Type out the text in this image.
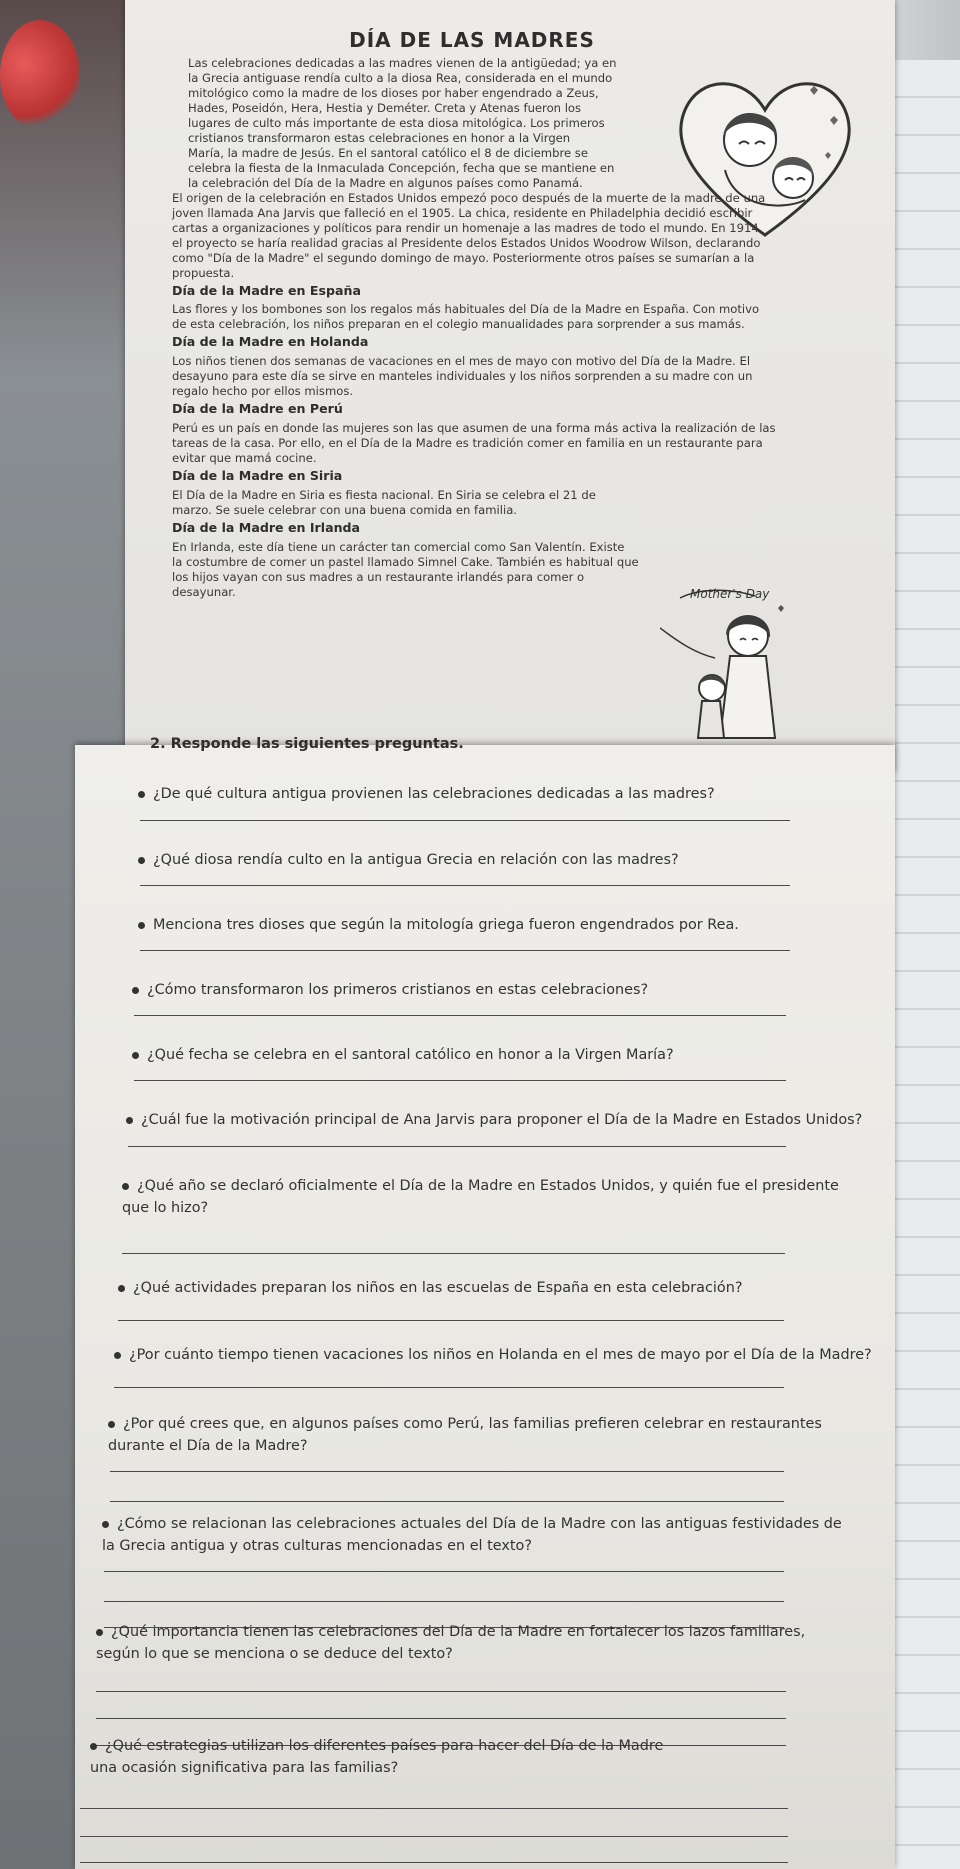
DÍA DE LAS MADRES

Las celebraciones dedicadas a las madres vienen de la antigüedad; ya en

la Grecia antiguase rendía culto a la diosa Rea, considerada en el mundo

mitológico como la madre de los dioses por haber engendrado a Zeus,

Hades, Poseidón, Hera, Hestia y Deméter. Creta y Atenas fueron los

lugares de culto más importante de esta diosa mitológica. Los primeros

cristianos transformaron estas celebraciones en honor a la Virgen

María, la madre de Jesús. En el santoral católico el 8 de diciembre se

celebra la fiesta de la Inmaculada Concepción, fecha que se mantiene en

la celebración del Día de la Madre en algunos países como Panamá.

El origen de la celebración en Estados Unidos empezó poco después de la muerte de la madre de una

joven llamada Ana Jarvis que falleció en el 1905. La chica, residente en Philadelphia decidió escribir

cartas a organizaciones y políticos para rendir un homenaje a las madres de todo el mundo. En 1914

el proyecto se haría realidad gracias al Presidente delos Estados Unidos Woodrow Wilson, declarando

como "Día de la Madre" el segundo domingo de mayo. Posteriormente otros países se sumarían a la

propuesta.

Día de la Madre en España

Las flores y los bombones son los regalos más habituales del Día de la Madre en España. Con motivo

de esta celebración, los niños preparan en el colegio manualidades para sorprender a sus mamás.

Día de la Madre en Holanda

Los niños tienen dos semanas de vacaciones en el mes de mayo con motivo del Día de la Madre. El

desayuno para este día se sirve en manteles individuales y los niños sorprenden a su madre con un

regalo hecho por ellos mismos.

Día de la Madre en Perú

Perú es un país en donde las mujeres son las que asumen de una forma más activa la realización de las

tareas de la casa. Por ello, en el Día de la Madre es tradición comer en familia en un restaurante para

evitar que mamá cocine.

Día de la Madre en Siria

El Día de la Madre en Siria es fiesta nacional. En Siria se celebra el 21 de

marzo. Se suele celebrar con una buena comida en familia.

Día de la Madre en Irlanda

En Irlanda, este día tiene un carácter tan comercial como San Valentín. Existe

la costumbre de comer un pastel llamado Simnel Cake. También es habitual que

los hijos vayan con sus madres a un restaurante irlandés para comer o

desayunar.	Mother's Day
2. Responde las siguientes preguntas.

¿De qué cultura antigua provienen las celebraciones dedicadas a las madres?

¿Qué diosa rendía culto en la antigua Grecia en relación con las madres?

Menciona tres dioses que según la mitología griega fueron engendrados por Rea.

¿Cómo transformaron los primeros cristianos en estas celebraciones?

¿Qué fecha se celebra en el santoral católico en honor a la Virgen María?

¿Cuál fue la motivación principal de Ana Jarvis para proponer el Día de la Madre en Estados Unidos?

¿Qué año se declaró oficialmente el Día de la Madre en Estados Unidos, y quién fue el presidente

que lo hizo?

¿Qué actividades preparan los niños en las escuelas de España en esta celebración?

¿Por cuánto tiempo tienen vacaciones los niños en Holanda en el mes de mayo por el Día de la Madre?

¿Por qué crees que, en algunos países como Perú, las familias prefieren celebrar en restaurantes

durante el Día de la Madre?

¿Cómo se relacionan las celebraciones actuales del Día de la Madre con las antiguas festividades de

la Grecia antigua y otras culturas mencionadas en el texto?

¿Qué importancia tienen las celebraciones del Día de la Madre en fortalecer los lazos familiares,

según lo que se menciona o se deduce del texto?

¿Qué estrategias utilizan los diferentes países para hacer del Día de la Madre

una ocasión significativa para las familias?
